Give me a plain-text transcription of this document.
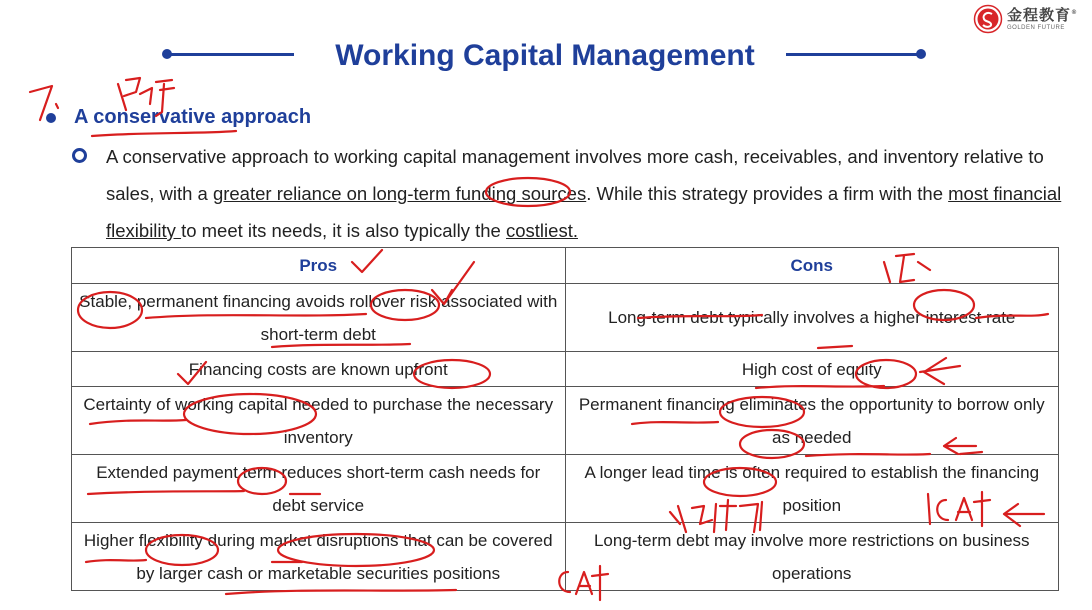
金程教育®
GOLDEN FUTURE
Working Capital Management
A conservative approach
A conservative approach to working capital management involves more cash, receivables, and inventory relative to sales, with a greater reliance on long-term funding sources. While this strategy provides a firm with the most financial flexibility to meet its needs, it is also typically the costliest.
Pros	Cons
Stable, permanent financing avoids rollover risk associated with short-term debt	Long-term debt typically involves a higher interest rate
Financing costs are known upfront	High cost of equity
Certainty of working capital needed to purchase the necessary inventory	Permanent financing eliminates the opportunity to borrow only as needed
Extended payment term reduces short-term cash needs for debt service	A longer lead time is often required to establish the financing position
Higher flexibility during market disruptions that can be covered by larger cash or marketable securities positions	Long-term debt may involve more restrictions on business operations
